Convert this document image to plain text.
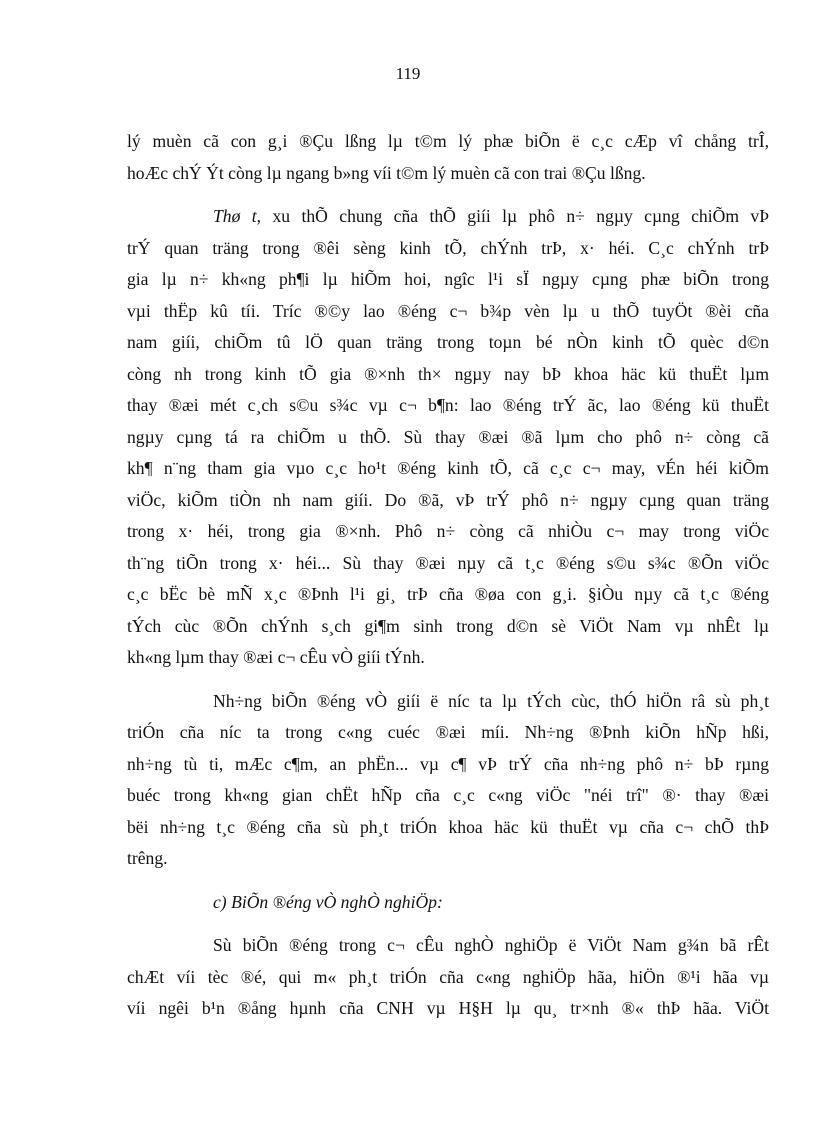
119

lý muèn cã con g¸i ®Çu lßng lµ t©m lý phæ biÕn ë c¸c cÆp vî chång trÎ,
hoÆc chÝ Ýt còng lµ ngang b»ng víi t©m lý muèn cã con trai ®Çu lßng.

Thø t, xu thÕ chung cña thÕ giíi lµ phô n÷ ngµy cµng chiÕm vÞ
trÝ quan träng trong ®êi sèng kinh tÕ, chÝnh trÞ, x· héi. C¸c chÝnh trÞ
gia lµ n÷ kh«ng ph¶i lµ hiÕm hoi, ngîc l¹i sÏ ngµy cµng phæ biÕn trong
vµi thËp kû tíi. Tríc ®©y lao ®éng c¬ b¾p vèn lµ u thÕ tuyÖt ®èi cña
nam giíi, chiÕm tû lÖ quan träng trong toµn bé nÒn kinh tÕ quèc d©n
còng nh trong kinh tÕ gia ®×nh th× ngµy nay bÞ khoa häc kü thuËt lµm
thay ®æi mét c¸ch s©u s¾c vµ c¬ b¶n: lao ®éng trÝ ãc, lao ®éng kü thuËt
ngµy cµng tá ra chiÕm u thÕ. Sù thay ®æi ®ã lµm cho phô n÷ còng cã
kh¶ n¨ng tham gia vµo c¸c ho¹t ®éng kinh tÕ, cã c¸c c¬ may, vÉn héi kiÕm
viÖc, kiÕm tiÒn nh nam giíi. Do ®ã, vÞ trÝ phô n÷ ngµy cµng quan träng
trong x· héi, trong gia ®×nh. Phô n÷ còng cã nhiÒu c¬ may trong viÖc
th¨ng tiÕn trong x· héi... Sù thay ®æi nµy cã t¸c ®éng s©u s¾c ®Õn viÖc
c¸c bËc bè mÑ x¸c ®Þnh l¹i gi¸ trÞ cña ®øa con g¸i. §iÒu nµy cã t¸c ®éng
tÝch cùc ®Õn chÝnh s¸ch gi¶m sinh trong d©n sè ViÖt Nam vµ nhÊt lµ
kh«ng lµm thay ®æi c¬ cÊu vÒ giíi tÝnh.

Nh÷ng biÕn ®éng vÒ giíi ë níc ta lµ tÝch cùc, thÓ hiÖn râ sù ph¸t
triÓn cña níc ta trong c«ng cuéc ®æi míi. Nh÷ng ®Þnh kiÕn hÑp hßi,
nh÷ng tù ti, mÆc c¶m, an phËn... vµ c¶ vÞ trÝ cña nh÷ng phô n÷ bÞ rµng
buéc trong kh«ng gian chËt hÑp cña c¸c c«ng viÖc "néi trî" ®· thay ®æi
bëi nh÷ng t¸c ®éng cña sù ph¸t triÓn khoa häc kü thuËt vµ cña c¬ chÕ thÞ
trêng.

c) BiÕn ®éng vÒ nghÒ nghiÖp:

Sù biÕn ®éng trong c¬ cÊu nghÒ nghiÖp ë ViÖt Nam g¾n bã rÊt
chÆt víi tèc ®é, qui m« ph¸t triÓn cña c«ng nghiÖp hãa, hiÖn ®¹i hãa vµ
víi ngêi b¹n ®ång hµnh cña CNH vµ H§H lµ qu¸ tr×nh ®« thÞ hãa. ViÖt
